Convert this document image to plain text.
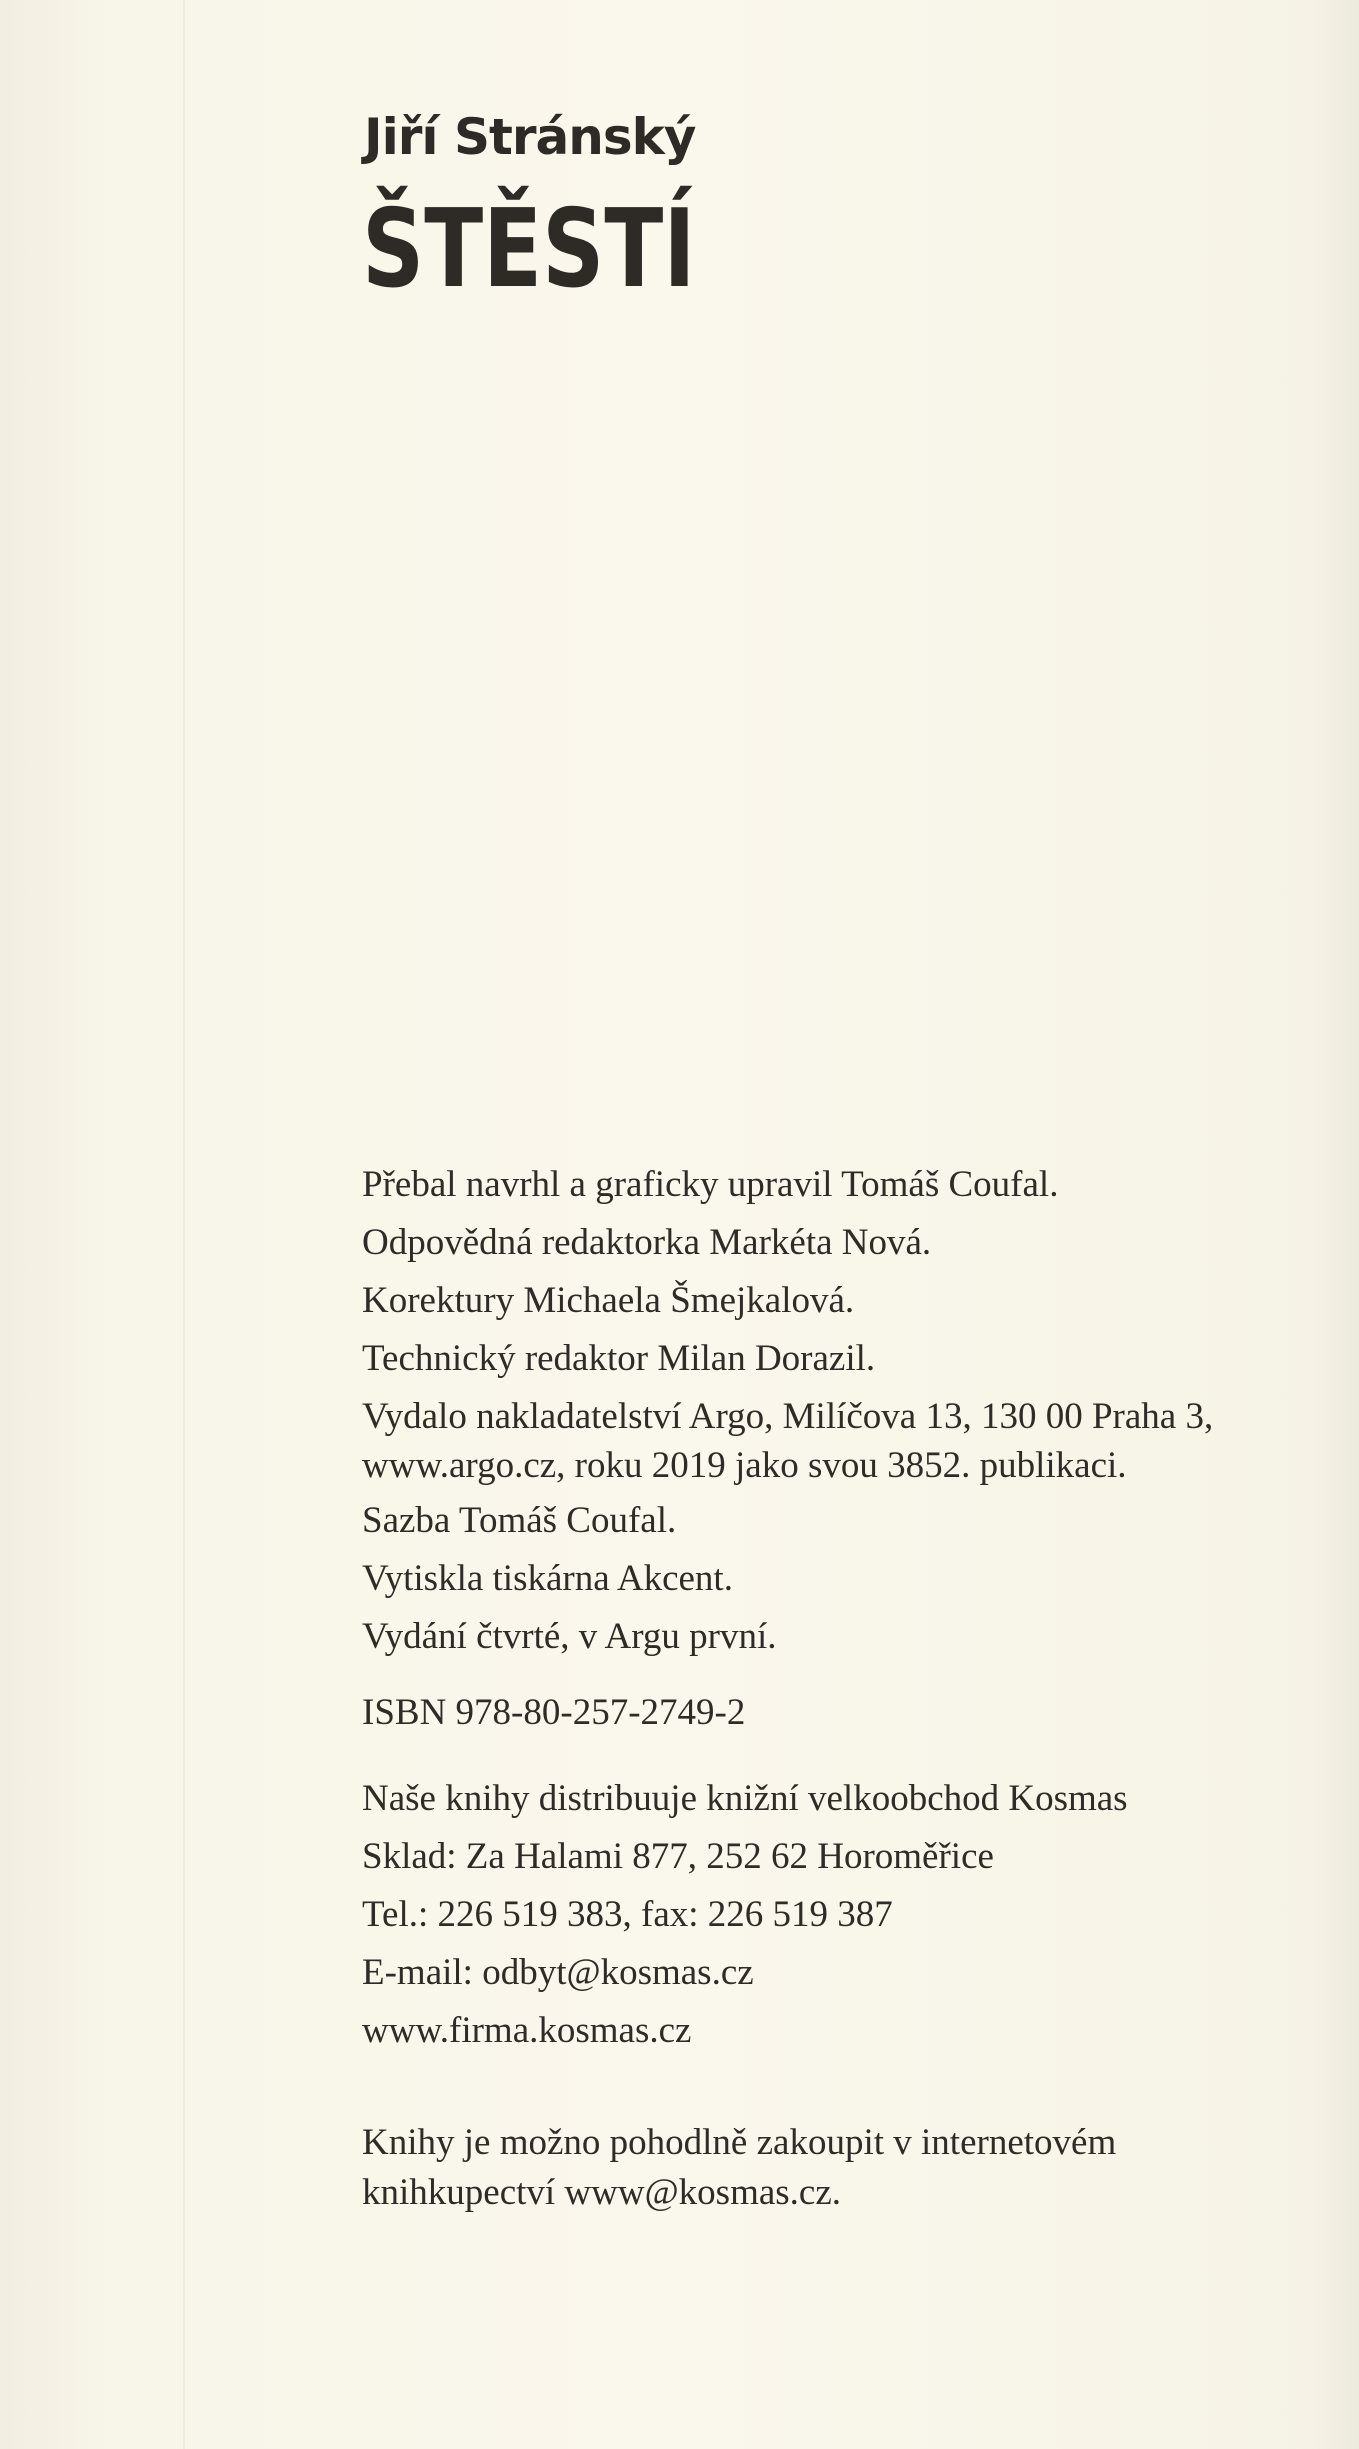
Jiří Stránský
ŠTĚSTÍ

Přebal navrhl a graficky upravil Tomáš Coufal.

Odpovědná redaktorka Markéta Nová.

Korektury Michaela Šmejkalová.

Technický redaktor Milan Dorazil.

Vydalo nakladatelství Argo, Milíčova 13, 130 00 Praha 3,

www.argo.cz, roku 2019 jako svou 3852. publikaci.

Sazba Tomáš Coufal.

Vytiskla tiskárna Akcent.

Vydání čtvrté, v Argu první.

ISBN 978-80-257-2749-2

Naše knihy distribuuje knižní velkoobchod Kosmas

Sklad: Za Halami 877, 252 62 Horoměřice

Tel.: 226 519 383, fax: 226 519 387

E-mail: odbyt@kosmas.cz

www.firma.kosmas.cz

Knihy je možno pohodlně zakoupit v internetovém

knihkupectví www@kosmas.cz.
